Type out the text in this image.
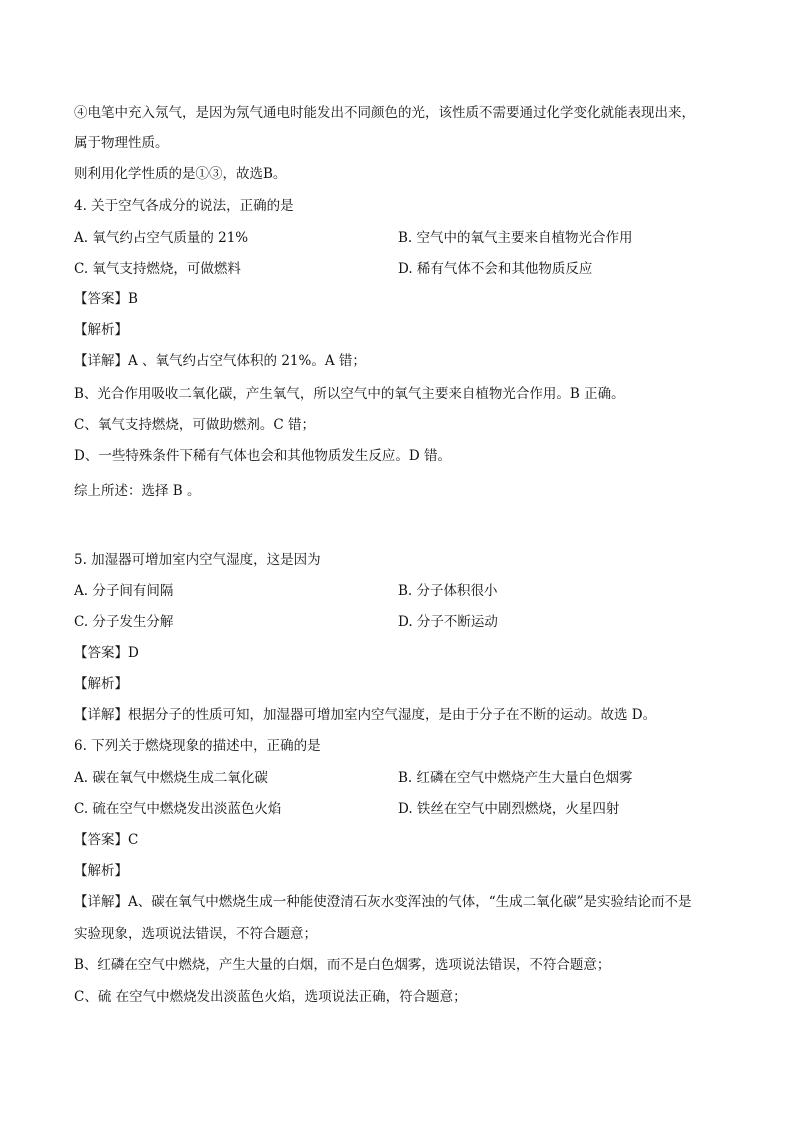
④电笔中充入氖气，是因为氖气通电时能发出不同颜色的光，该性质不需要通过化学变化就能表现出来，
属于物理性质。
则利用化学性质的是①③，故选B。
4. 关于空气各成分的说法，正确的是
A. 氧气约占空气质量的 21%	B. 空气中的氧气主要来自植物光合作用
C. 氧气支持燃烧，可做燃料	D. 稀有气体不会和其他物质反应
【答案】B
【解析】
【详解】A 、氧气约占空气体积的 21%。A 错；
B、光合作用吸收二氧化碳，产生氧气，所以空气中的氧气主要来自植物光合作用。B 正确。
C、氧气支持燃烧，可做助燃剂。C 错；
D、一些特殊条件下稀有气体也会和其他物质发生反应。D 错。
综上所述：选择 B 。
5. 加湿器可增加室内空气湿度，这是因为
A. 分子间有间隔	B. 分子体积很小
C. 分子发生分解	D. 分子不断运动
【答案】D
【解析】
【详解】根据分子的性质可知，加湿器可增加室内空气湿度，是由于分子在不断的运动。故选 D。
6. 下列关于燃烧现象的描述中，正确的是
A. 碳在氧气中燃烧生成二氧化碳	B. 红磷在空气中燃烧产生大量白色烟雾
C. 硫在空气中燃烧发出淡蓝色火焰	D. 铁丝在空气中剧烈燃烧，火星四射
【答案】C
【解析】
【详解】A、碳在氧气中燃烧生成一种能使澄清石灰水变浑浊的气体，“生成二氧化碳”是实验结论而不是
实验现象，选项说法错误，不符合题意；
B、红磷在空气中燃烧，产生大量的白烟，而不是白色烟雾，选项说法错误，不符合题意；
C、硫 在空气中燃烧发出淡蓝色火焰，选项说法正确，符合题意；
